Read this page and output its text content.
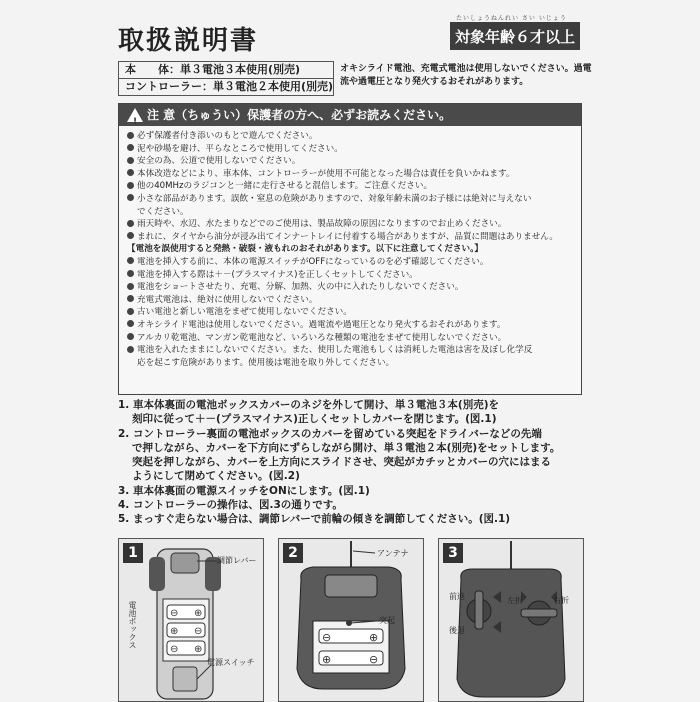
取扱説明書
たいしょうねんれい さい いじょう
対象年齢６才以上
本　　体：単３電池３本使用(別売)
コントローラー：単３電池２本使用(別売)
オキシライド電池、充電式電池は使用しないでください。過電流や過電圧となり発火するおそれがあります。
!
注 意（ちゅうい）保護者の方へ、必ずお読みください。
必ず保護者付き添いのもとで遊んでください。
泥や砂場を避け、平らなところで使用してください。
安全の為、公道で使用しないでください。
本体改造などにより、車本体、コントローラーが使用不可能となった場合は責任を負いかねます。
他の40MHzのラジコンと一緒に走行させると混信します。ご注意ください。
小さな部品があります。誤飲・窒息の危険がありますので、対象年齢未満のお子様には絶対に与えない
でください。
雨天時や、水辺、水たまりなどでのご使用は、製品故障の原因になりますのでお止めください。
まれに、タイヤから油分が浸み出てインナートレイに付着する場合がありますが、品質に問題はありません。
【電池を誤使用すると発熱・破裂・液もれのおそれがあります。以下に注意してください。】
電池を挿入する前に、本体の電源スイッチがOFFになっているのを必ず確認してください。
電池を挿入する際は＋－(プラスマイナス)を正しくセットしてください。
電池をショートさせたり、充電、分解、加熱、火の中に入れたりしないでください。
充電式電池は、絶対に使用しないでください。
古い電池と新しい電池をまぜて使用しないでください。
オキシライド電池は使用しないでください。過電流や過電圧となり発火するおそれがあります。
アルカリ乾電池、マンガン乾電池など、いろいろな種類の電池をまぜて使用しないでください。
電池を入れたままにしないでください。また、使用した電池もしくは消耗した電池は害を及ぼし化学反
応を起こす危険があります。使用後は電池を取り外してください。
1. 車本体裏面の電池ボックスカバーのネジを外して開け、単３電池３本(別売)を
刻印に従って＋－(プラスマイナス)正しくセットしカバーを閉じます。(図.1)
2. コントローラー裏面の電池ボックスのカバーを留めている突起をドライバーなどの先端
で押しながら、カバーを下方向にずらしながら開け、単３電池２本(別売)をセットします。
突起を押しながら、カバーを上方向にスライドさせ、突起がカチッとカバーの穴にはまる
ようにして閉めてください。(図.2)
3. 車本体裏面の電源スイッチをONにします。(図.1)
4. コントローラーの操作は、図.3の通りです。
5. まっすぐ走らない場合は、調節レバーで前輪の傾きを調節してください。(図.1)
⊖ ⊕
⊕ ⊖
⊖ ⊕
1	調節レバー
電池ボックス
電源スイッチ
⊖	⊕
⊕	⊖
2	アンテナ
突起
3
前進	左折	右折
後退
